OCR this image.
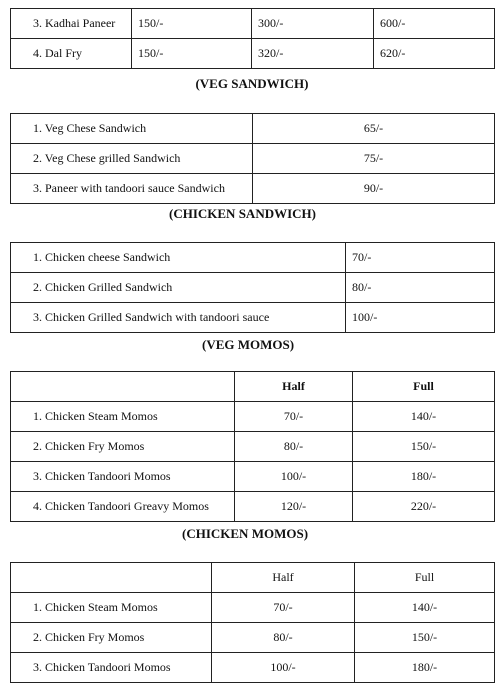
3. Kadhai Paneer	150/-	300/-	600/-
4. Dal Fry	150/-	320/-	620/-
(VEG SANDWICH)
1. Veg Chese Sandwich	65/-
2. Veg Chese grilled Sandwich	75/-
3. Paneer with tandoori sauce Sandwich	90/-
(CHICKEN SANDWICH)
1. Chicken cheese Sandwich	70/-
2. Chicken Grilled Sandwich	80/-
3. Chicken Grilled Sandwich with tandoori sauce	100/-
(VEG MOMOS)
	Half	Full
1. Chicken Steam Momos	70/-	140/-
2. Chicken Fry Momos	80/-	150/-
3. Chicken Tandoori Momos	100/-	180/-
4. Chicken Tandoori Greavy Momos	120/-	220/-
(CHICKEN MOMOS)
	Half	Full
1. Chicken Steam Momos	70/-	140/-
2. Chicken Fry Momos	80/-	150/-
3. Chicken Tandoori Momos	100/-	180/-
